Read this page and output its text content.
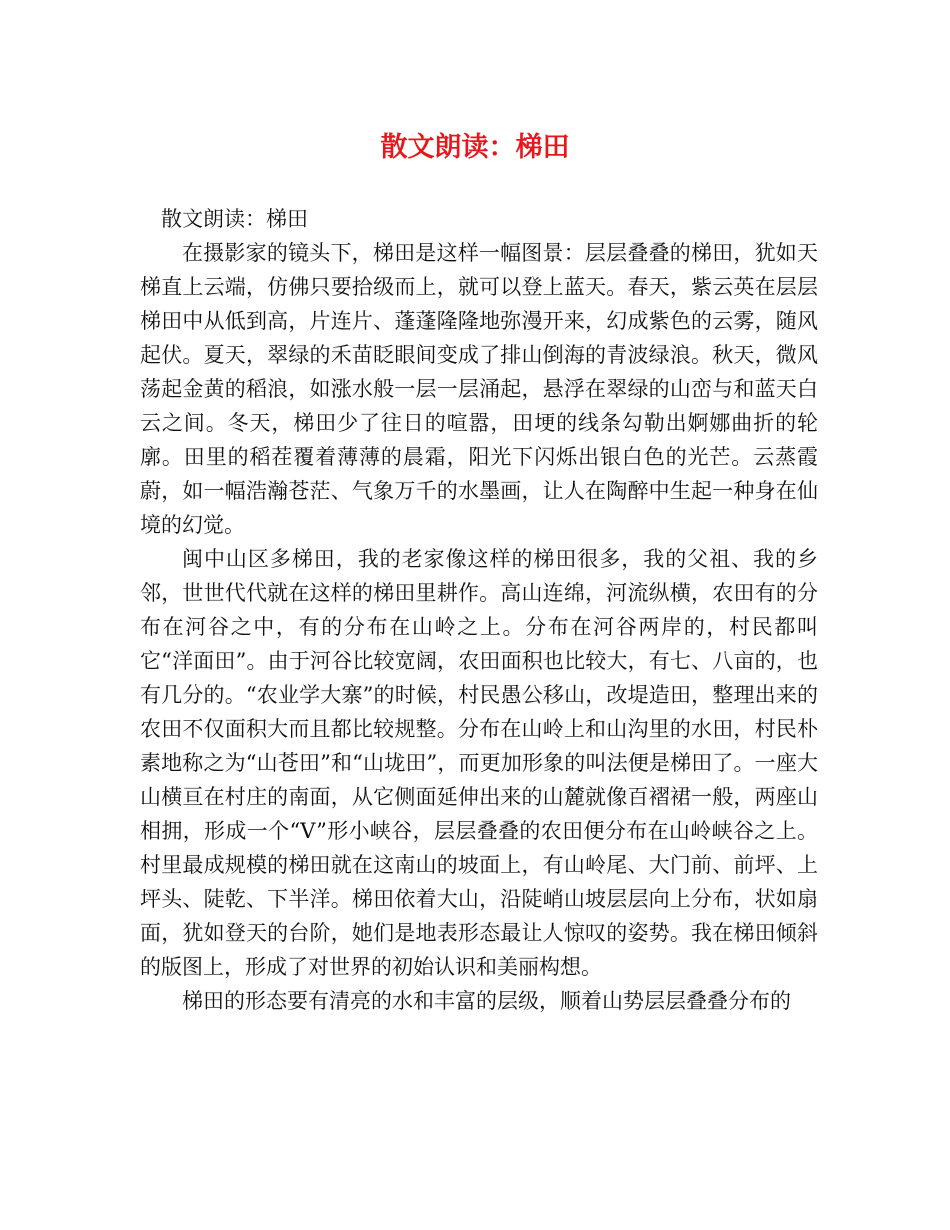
散文朗读：梯田

散文朗读：梯田

在摄影家的镜头下，梯田是这样一幅图景：层层叠叠的梯田，犹如天梯直上云端，仿佛只要拾级而上，就可以登上蓝天。春天，紫云英在层层梯田中从低到高，片连片、蓬蓬隆隆地弥漫开来，幻成紫色的云雾，随风起伏。夏天，翠绿的禾苗眨眼间变成了排山倒海的青波绿浪。秋天，微风荡起金黄的稻浪，如涨水般一层一层涌起，悬浮在翠绿的山峦与和蓝天白云之间。冬天，梯田少了往日的喧嚣，田埂的线条勾勒出婀娜曲折的轮廓。田里的稻茬覆着薄薄的晨霜，阳光下闪烁出银白色的光芒。云蒸霞蔚，如一幅浩瀚苍茫、气象万千的水墨画，让人在陶醉中生起一种身在仙境的幻觉。

闽中山区多梯田，我的老家像这样的梯田很多，我的父祖、我的乡邻，世世代代就在这样的梯田里耕作。高山连绵，河流纵横，农田有的分布在河谷之中，有的分布在山岭之上。分布在河谷两岸的，村民都叫它“洋面田”。由于河谷比较宽阔，农田面积也比较大，有七、八亩的，也有几分的。“农业学大寨”的时候，村民愚公移山，改堤造田，整理出来的农田不仅面积大而且都比较规整。分布在山岭上和山沟里的水田，村民朴素地称之为“山苍田”和“山垅田”，而更加形象的叫法便是梯田了。一座大山横亘在村庄的南面，从它侧面延伸出来的山麓就像百褶裙一般，两座山相拥，形成一个“V”形小峡谷，层层叠叠的农田便分布在山岭峡谷之上。村里最成规模的梯田就在这南山的坡面上，有山岭尾、大门前、前坪、上坪头、陡乾、下半洋。梯田依着大山，沿陡峭山坡层层向上分布，状如扇面，犹如登天的台阶，她们是地表形态最让人惊叹的姿势。我在梯田倾斜的版图上，形成了对世界的初始认识和美丽构想。

梯田的形态要有清亮的水和丰富的层级，顺着山势层层叠叠分布的
